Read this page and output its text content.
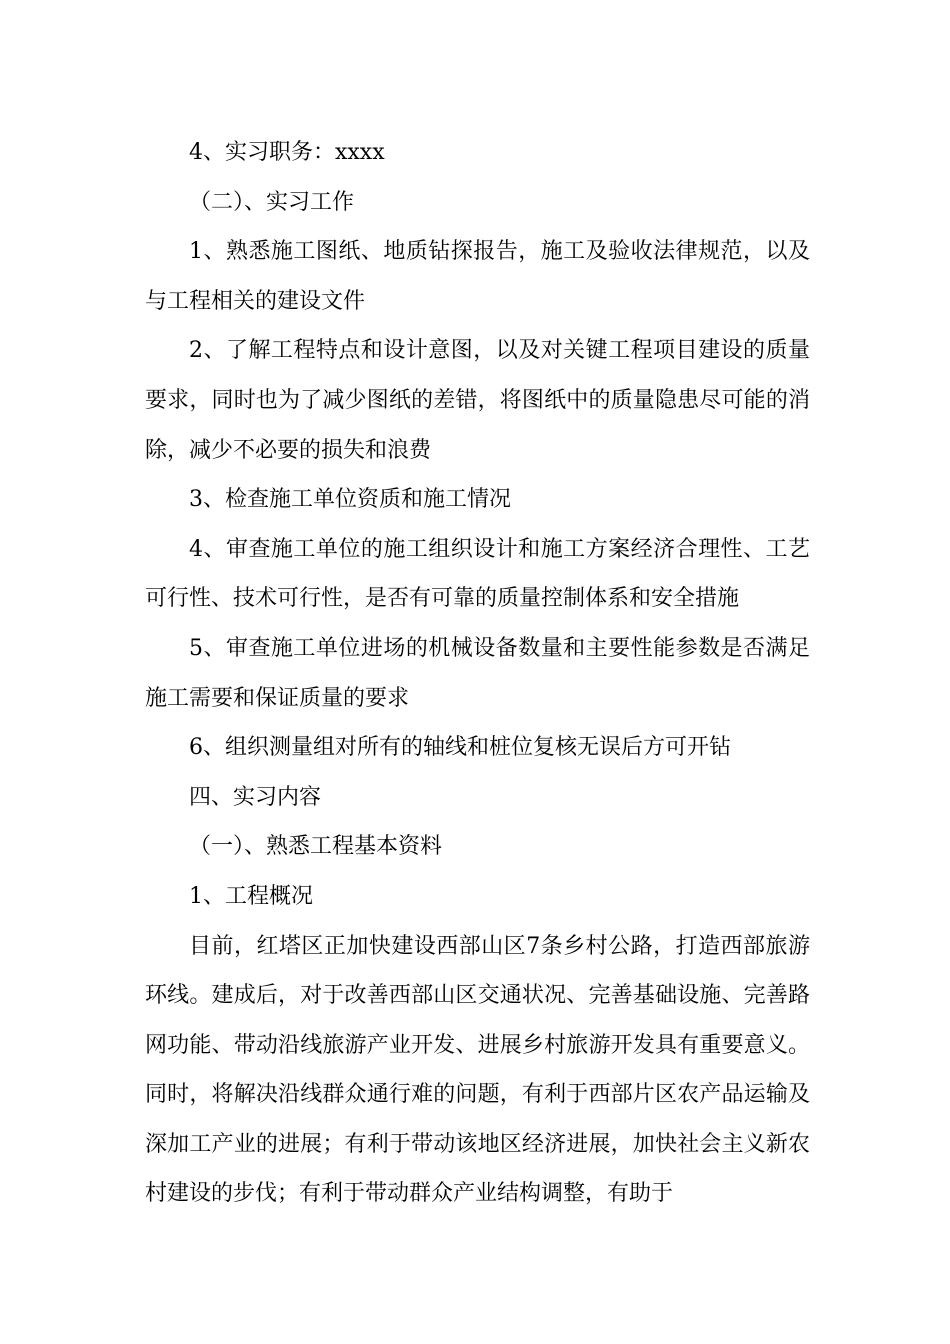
4、实习职务：xxxx

（二）、实习工作

1、熟悉施工图纸、地质钻探报告，施工及验收法律规范，以及与工程相关的建设文件

2、了解工程特点和设计意图，以及对关键工程项目建设的质量要求，同时也为了减少图纸的差错，将图纸中的质量隐患尽可能的消除，减少不必要的损失和浪费

3、检查施工单位资质和施工情况

4、审查施工单位的施工组织设计和施工方案经济合理性、工艺可行性、技术可行性，是否有可靠的质量控制体系和安全措施

5、审查施工单位进场的机械设备数量和主要性能参数是否满足施工需要和保证质量的要求

6、组织测量组对所有的轴线和桩位复核无误后方可开钻

四、实习内容

（一）、熟悉工程基本资料

1、工程概况

目前，红塔区正加快建设西部山区7条乡村公路，打造西部旅游环线。建成后，对于改善西部山区交通状况、完善基础设施、完善路网功能、带动沿线旅游产业开发、进展乡村旅游开发具有重要意义。同时，将解决沿线群众通行难的问题，有利于西部片区农产品运输及深加工产业的进展；有利于带动该地区经济进展，加快社会主义新农村建设的步伐；有利于带动群众产业结构调整，有助于
